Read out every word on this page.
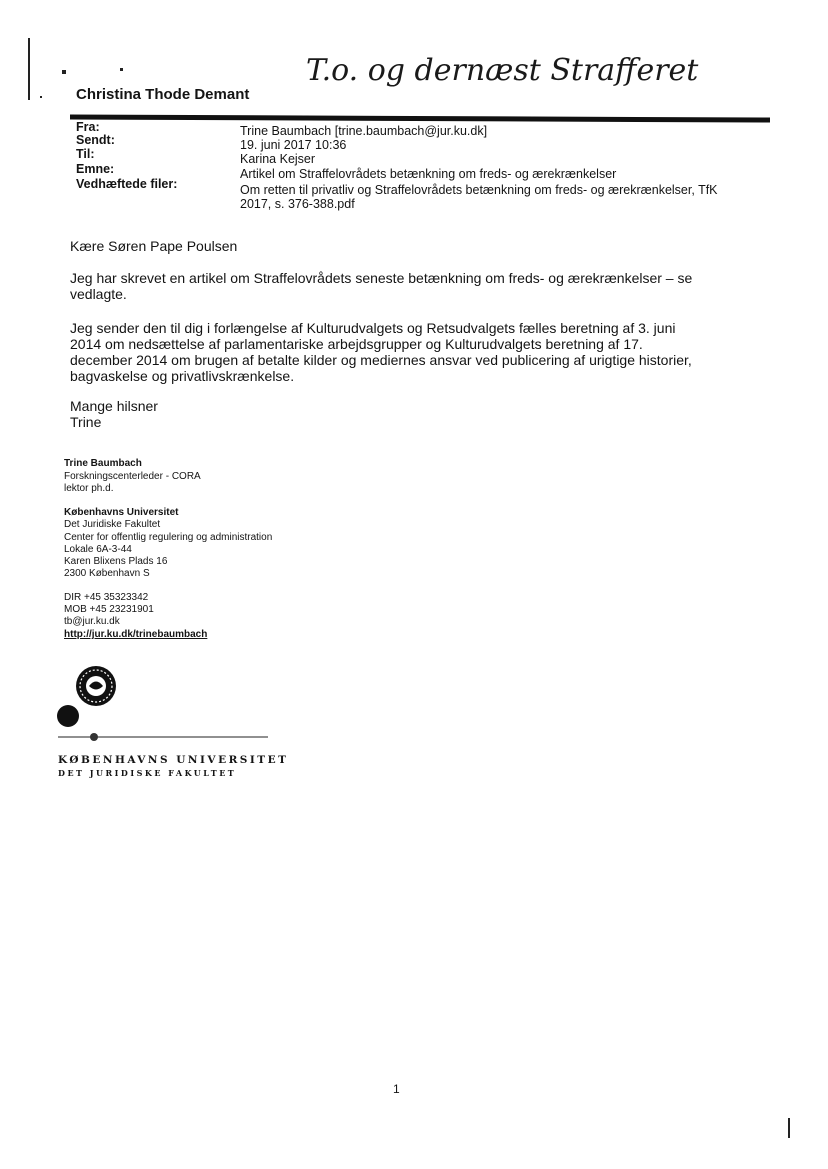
T.o. og dernæst Strafferet
Christina Thode Demant
Fra:	Trine Baumbach [trine.baumbach@jur.ku.dk]
Sendt:	19. juni 2017 10:36
Til:	Karina Kejser
Emne:	Artikel om Straffelovrådets betænkning om freds- og ærekrænkelser
Vedhæftede filer:	Om retten til privatliv og Straffelovrådets betænkning om freds- og ærekrænkelser, TfK
2017, s. 376-388.pdf
Kære Søren Pape Poulsen
Jeg har skrevet en artikel om Straffelovrådets seneste betænkning om freds- og ærekrænkelser – se
vedlagte.
Jeg sender den til dig i forlængelse af Kulturudvalgets og Retsudvalgets fælles beretning af 3. juni
2014 om nedsættelse af parlamentariske arbejdsgrupper og Kulturudvalgets beretning af 17.
december 2014 om brugen af betalte kilder og mediernes ansvar ved publicering af urigtige historier,
bagvaskelse og privatlivskrænkelse.
Mange hilsner
Trine
Trine Baumbach
Forskningscenterleder - CORA
lektor ph.d.
Københavns Universitet
Det Juridiske Fakultet
Center for offentlig regulering og administration
Lokale 6A-3-44
Karen Blixens Plads 16
2300 København S
DIR +45 35323342
MOB +45 23231901
tb@jur.ku.dk
http://jur.ku.dk/trinebaumbach
KØBENHAVNS UNIVERSITET
DET JURIDISKE FAKULTET
1
